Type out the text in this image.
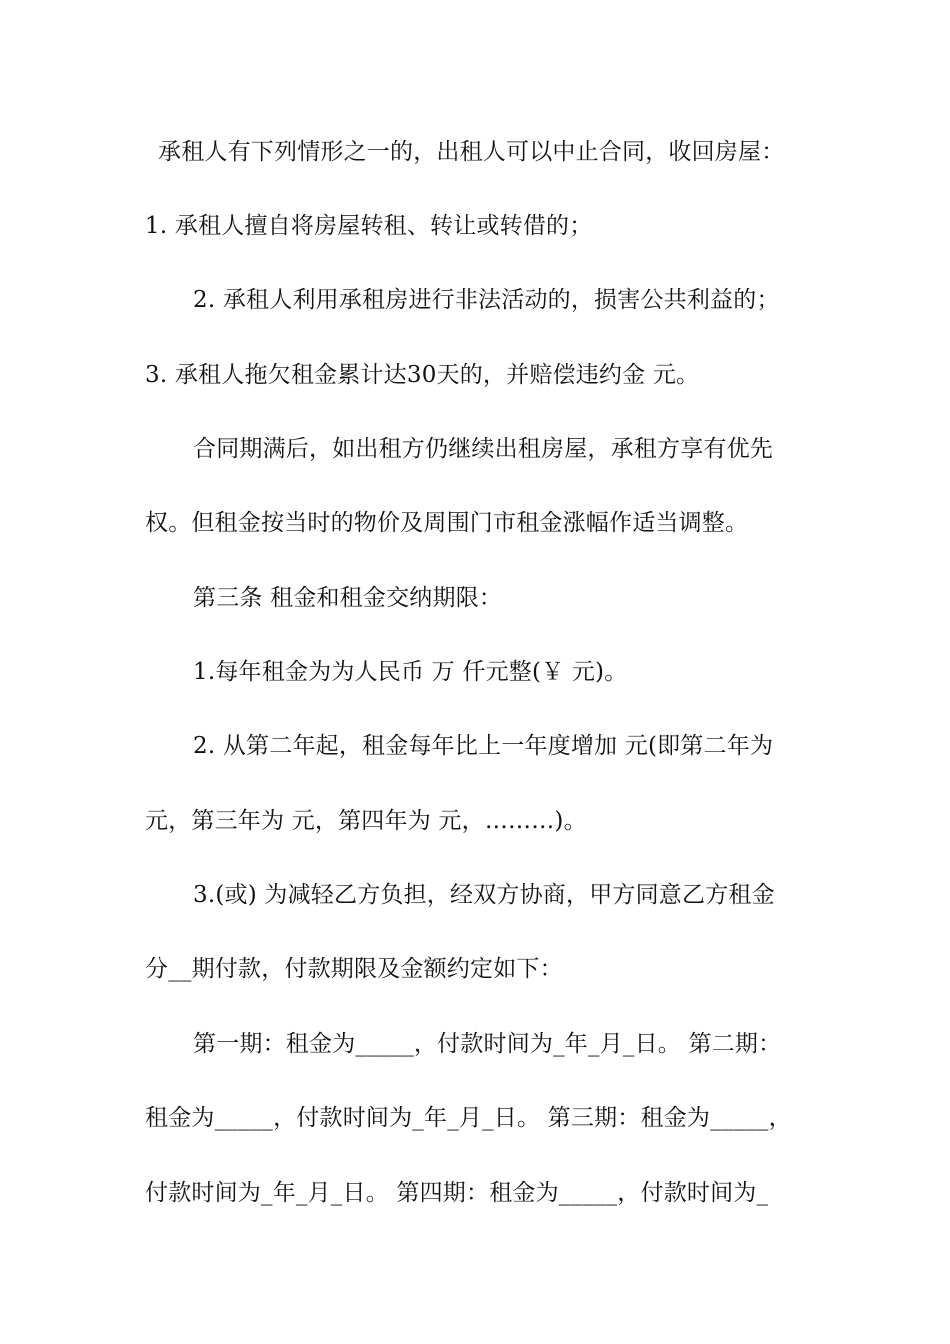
承租人有下列情形之一的，出租人可以中止合同，收回房屋：
1. 承租人擅自将房屋转租、转让或转借的；
2. 承租人利用承租房进行非法活动的，损害公共利益的；
3. 承租人拖欠租金累计达30天的，并赔偿违约金 元。
合同期满后，如出租方仍继续出租房屋，承租方享有优先
权。但租金按当时的物价及周围门市租金涨幅作适当调整。
第三条 租金和租金交纳期限：
1.每年租金为为人民币 万 仟元整(￥ 元)。
2. 从第二年起，租金每年比上一年度增加 元(即第二年为
元，第三年为 元，第四年为 元，………)。
3.(或) 为减轻乙方负担，经双方协商，甲方同意乙方租金
分__期付款，付款期限及金额约定如下：
第一期：租金为_____，付款时间为_年_月_日。 第二期：
租金为_____，付款时间为_年_月_日。 第三期：租金为_____，
付款时间为_年_月_日。 第四期：租金为_____，付款时间为_
